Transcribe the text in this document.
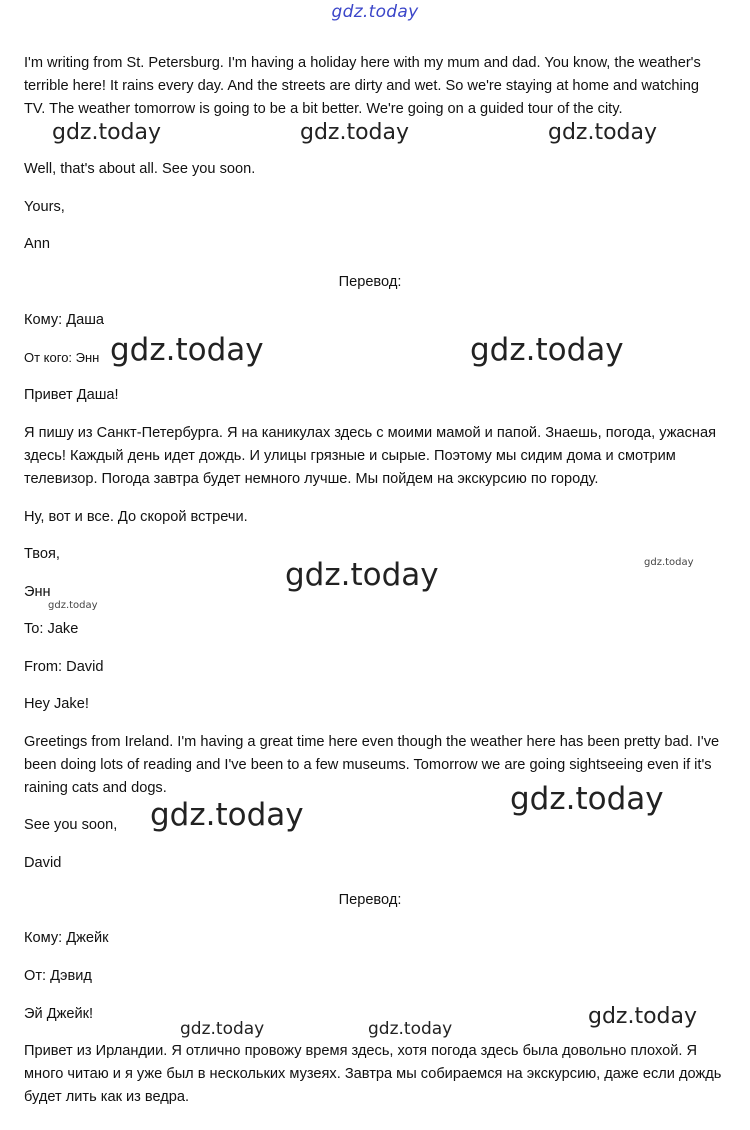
gdz.today

I'm writing from St. Petersburg. I'm having a holiday here with my mum and dad. You know, the weather's terrible here! It rains every day. And the streets are dirty and wet. So we're staying at home and watching TV. The weather tomorrow is going to be a bit better. We're going on a guided tour of the city.

Well, that's about all. See you soon.

Yours,

Ann

Перевод:

Кому: Даша

От кого: Энн

Привет Даша!

Я пишу из Санкт-Петербурга. Я на каникулах здесь с моими мамой и папой. Знаешь, погода, ужасная здесь! Каждый день идет дождь. И улицы грязные и сырые. Поэтому мы сидим дома и смотрим телевизор. Погода завтра будет немного лучше. Мы пойдем на экскурсию по городу.

Ну, вот и все. До скорой встречи.

Твоя,

Энн

To: Jake

From: David

Hey Jake!

Greetings from Ireland. I'm having a great time here even though the weather here has been pretty bad. I've been doing lots of reading and I've been to a few museums. Tomorrow we are going sightseeing even if it's raining cats and dogs.

See you soon,

David

Перевод:

Кому: Джейк

От: Дэвид

Эй Джейк!

Привет из Ирландии. Я отлично провожу время здесь, хотя погода здесь была довольно плохой. Я много читаю и я уже был в нескольких музеях. Завтра мы собираемся на экскурсию, даже если дождь будет лить как из ведра.

gdz.today	gdz.today	gdz.today
gdz.today	gdz.today
gdz.today	gdz.today
gdz.today
gdz.today
gdz.today
gdz.today
gdz.today	gdz.today
